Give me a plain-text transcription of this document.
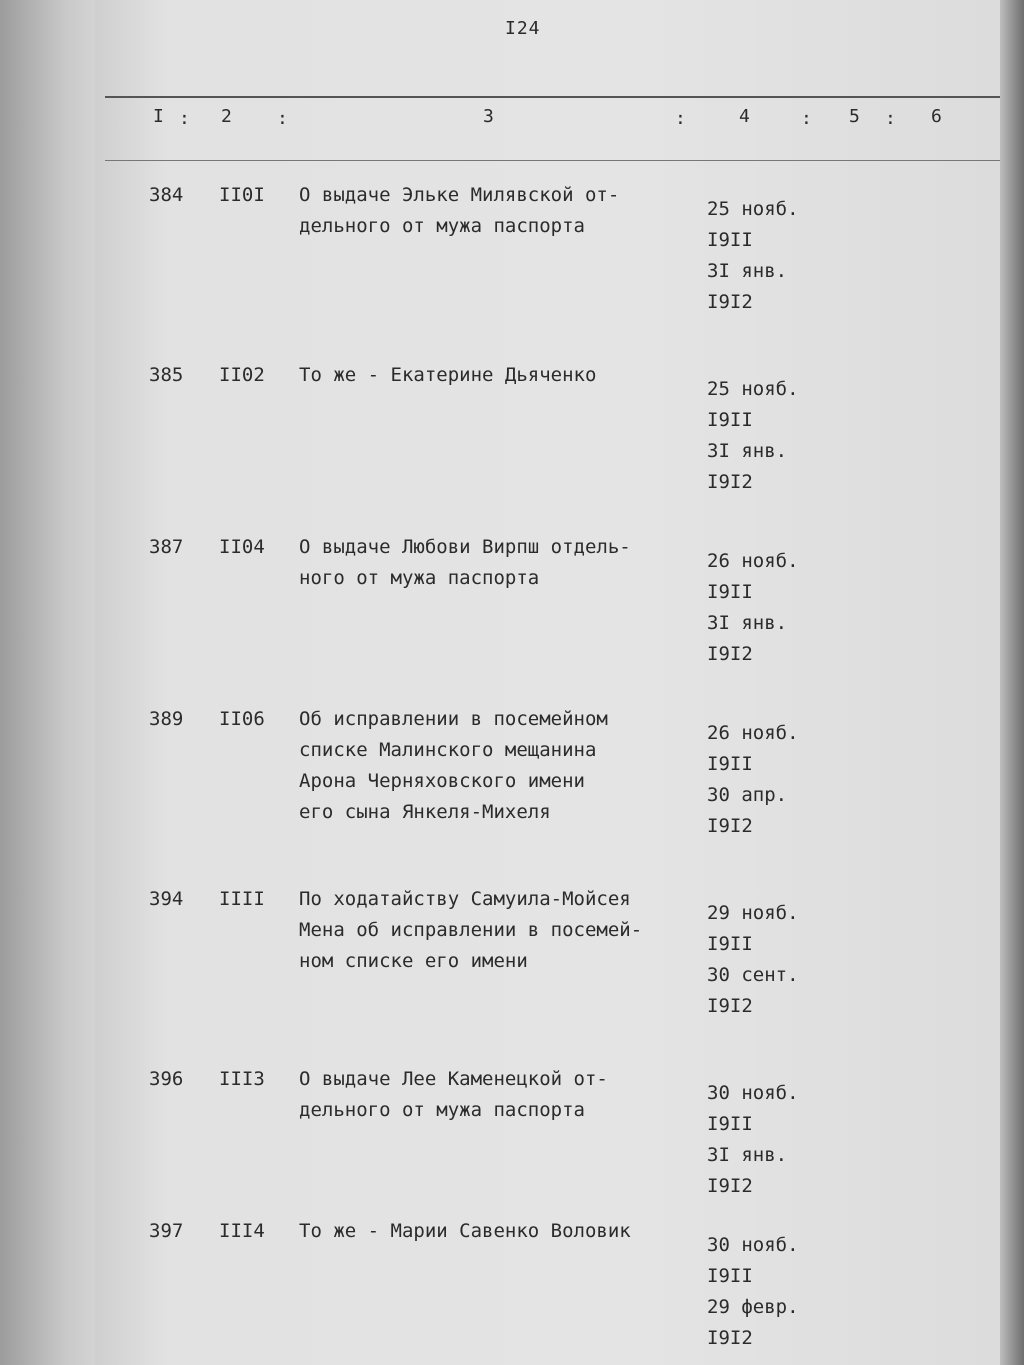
I24
I : 2	:	3	:	4	: 5 : 6
384 II0I О выдаче Эльке Милявской от-
дельного от мужа паспорта
25 нояб.
I9II
3I янв.
I9I2
385 II02 То же - Екатерине Дьяченко
25 нояб.
I9II
3I янв.
I9I2
387 II04 О выдаче Любови Вирпш отдель-
ного от мужа паспорта
26 нояб.
I9II
3I янв.
I9I2
389 II06 Об исправлении в посемейном
списке Малинского мещанина
Арона Черняховского имени
его сына Янкеля-Михеля
26 нояб.
I9II
30 апр.
I9I2
394 IIII По ходатайству Самуила-Мойсея
Мена об исправлении в посемей-
ном списке его имени
29 нояб.
I9II
30 сент.
I9I2
396 III3 О выдаче Лее Каменецкой от-
дельного от мужа паспорта
30 нояб.
I9II
3I янв.
I9I2
397 III4 То же - Марии Савенко Воловик
30 нояб.
I9II
29 февр.
I9I2
